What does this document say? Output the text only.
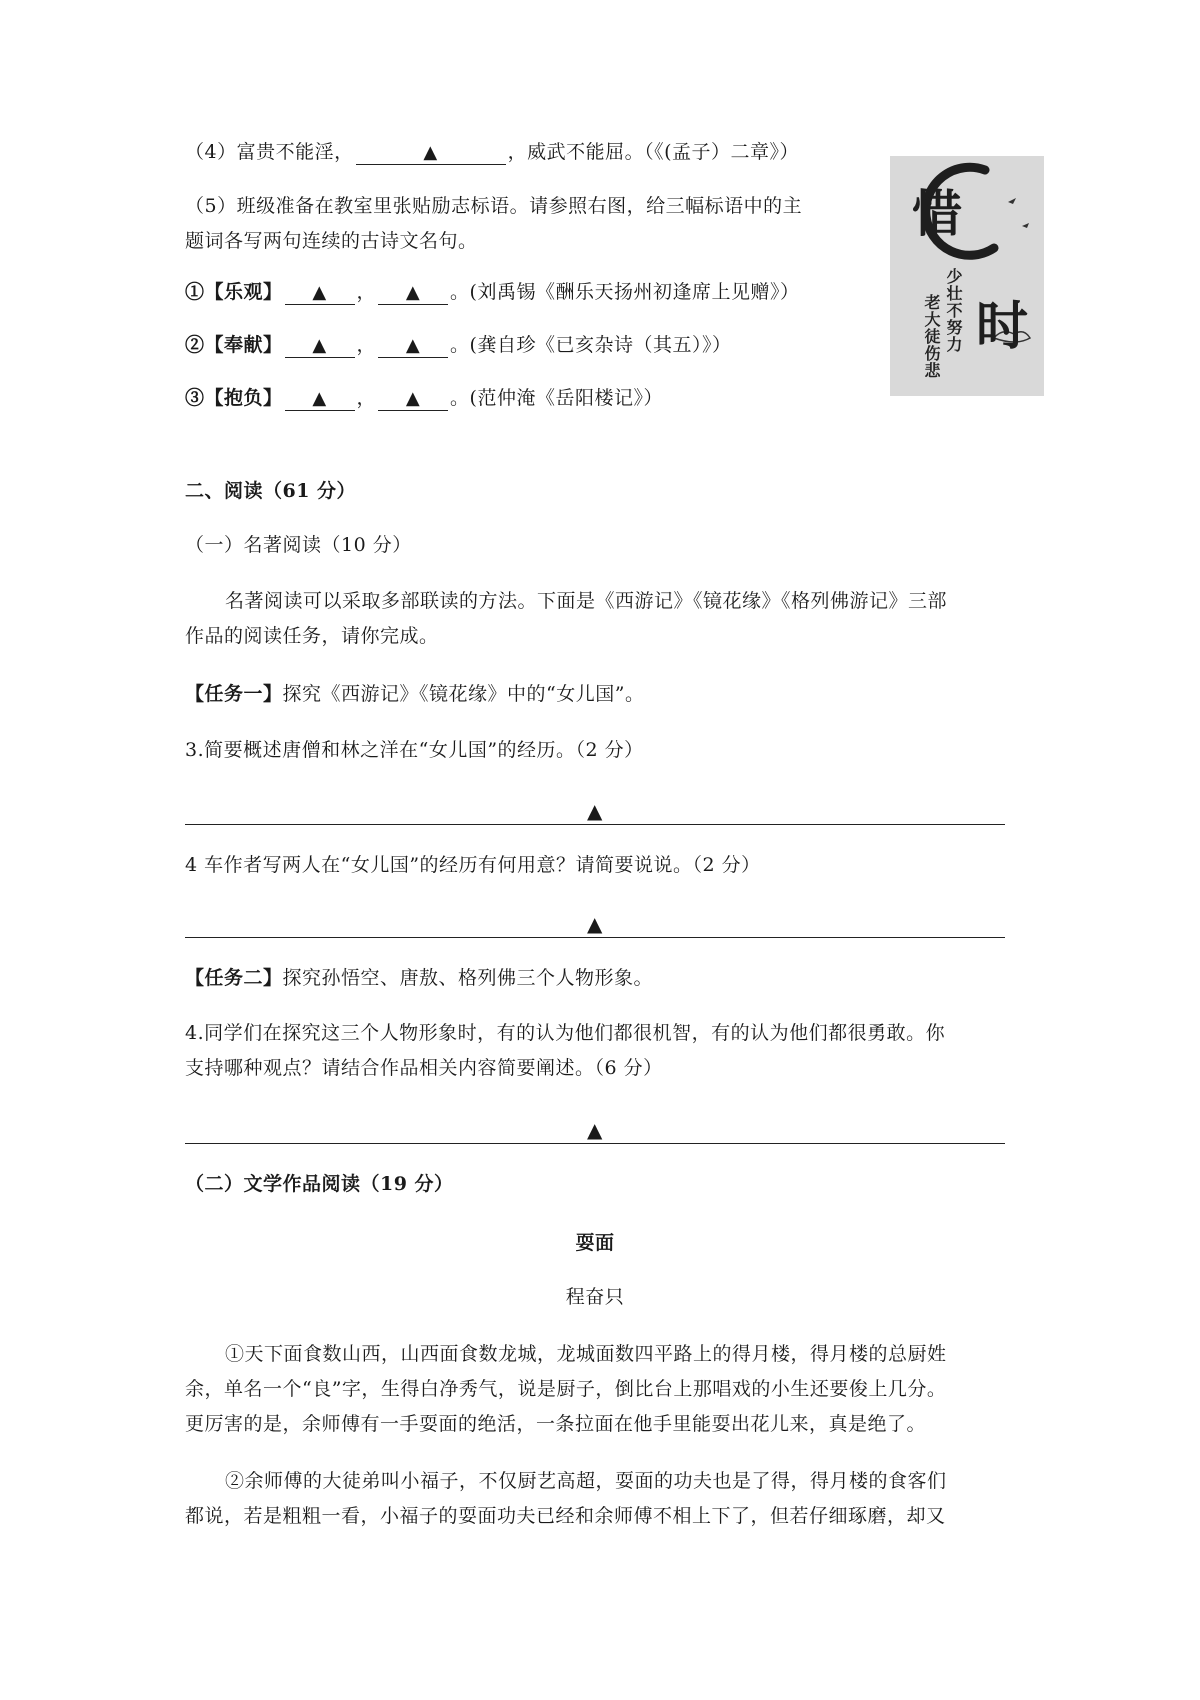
（4）富贵不能淫，	▲	，威武不能屈。（《(孟子）二章》）
（5）班级准备在教室里张贴励志标语。请参照右图，给三幅标语中的主
题词各写两句连续的古诗文名句。
①【乐观】 ▲ ， ▲ 。(刘禹锡《酬乐天扬州初逢席上见赠》）
②【奉献】 ▲ ， ▲ 。(龚自珍《已亥杂诗（其五）》）
③【抱负】 ▲ ， ▲ 。(范仲淹《岳阳楼记》）
惜
时
少壮不努力
老大徒伤悲
二、阅读（61 分）
（一）名著阅读（10 分）
名著阅读可以采取多部联读的方法。下面是《西游记》《镜花缘》《格列佛游记》三部
作品的阅读任务，请你完成。
【任务一】探究《西游记》《镜花缘》中的“女儿国”。
3.简要概述唐僧和林之洋在“女儿国”的经历。（2 分）
▲
4 车作者写两人在“女儿国”的经历有何用意？请简要说说。（2 分）
▲
【任务二】探究孙悟空、唐敖、格列佛三个人物形象。
4.同学们在探究这三个人物形象时，有的认为他们都很机智，有的认为他们都很勇敢。你
支持哪种观点？请结合作品相关内容简要阐述。（6 分）
▲
（二）文学作品阅读（19 分）
耍面
程奋只
①天下面食数山西，山西面食数龙城，龙城面数四平路上的得月楼，得月楼的总厨姓
余，单名一个“良”字，生得白净秀气，说是厨子，倒比台上那唱戏的小生还要俊上几分。
更厉害的是，余师傅有一手耍面的绝活，一条拉面在他手里能耍出花儿来，真是绝了。
②余师傅的大徒弟叫小福子，不仅厨艺高超，耍面的功夫也是了得，得月楼的食客们
都说，若是粗粗一看，小福子的耍面功夫已经和余师傅不相上下了，但若仔细琢磨，却又
